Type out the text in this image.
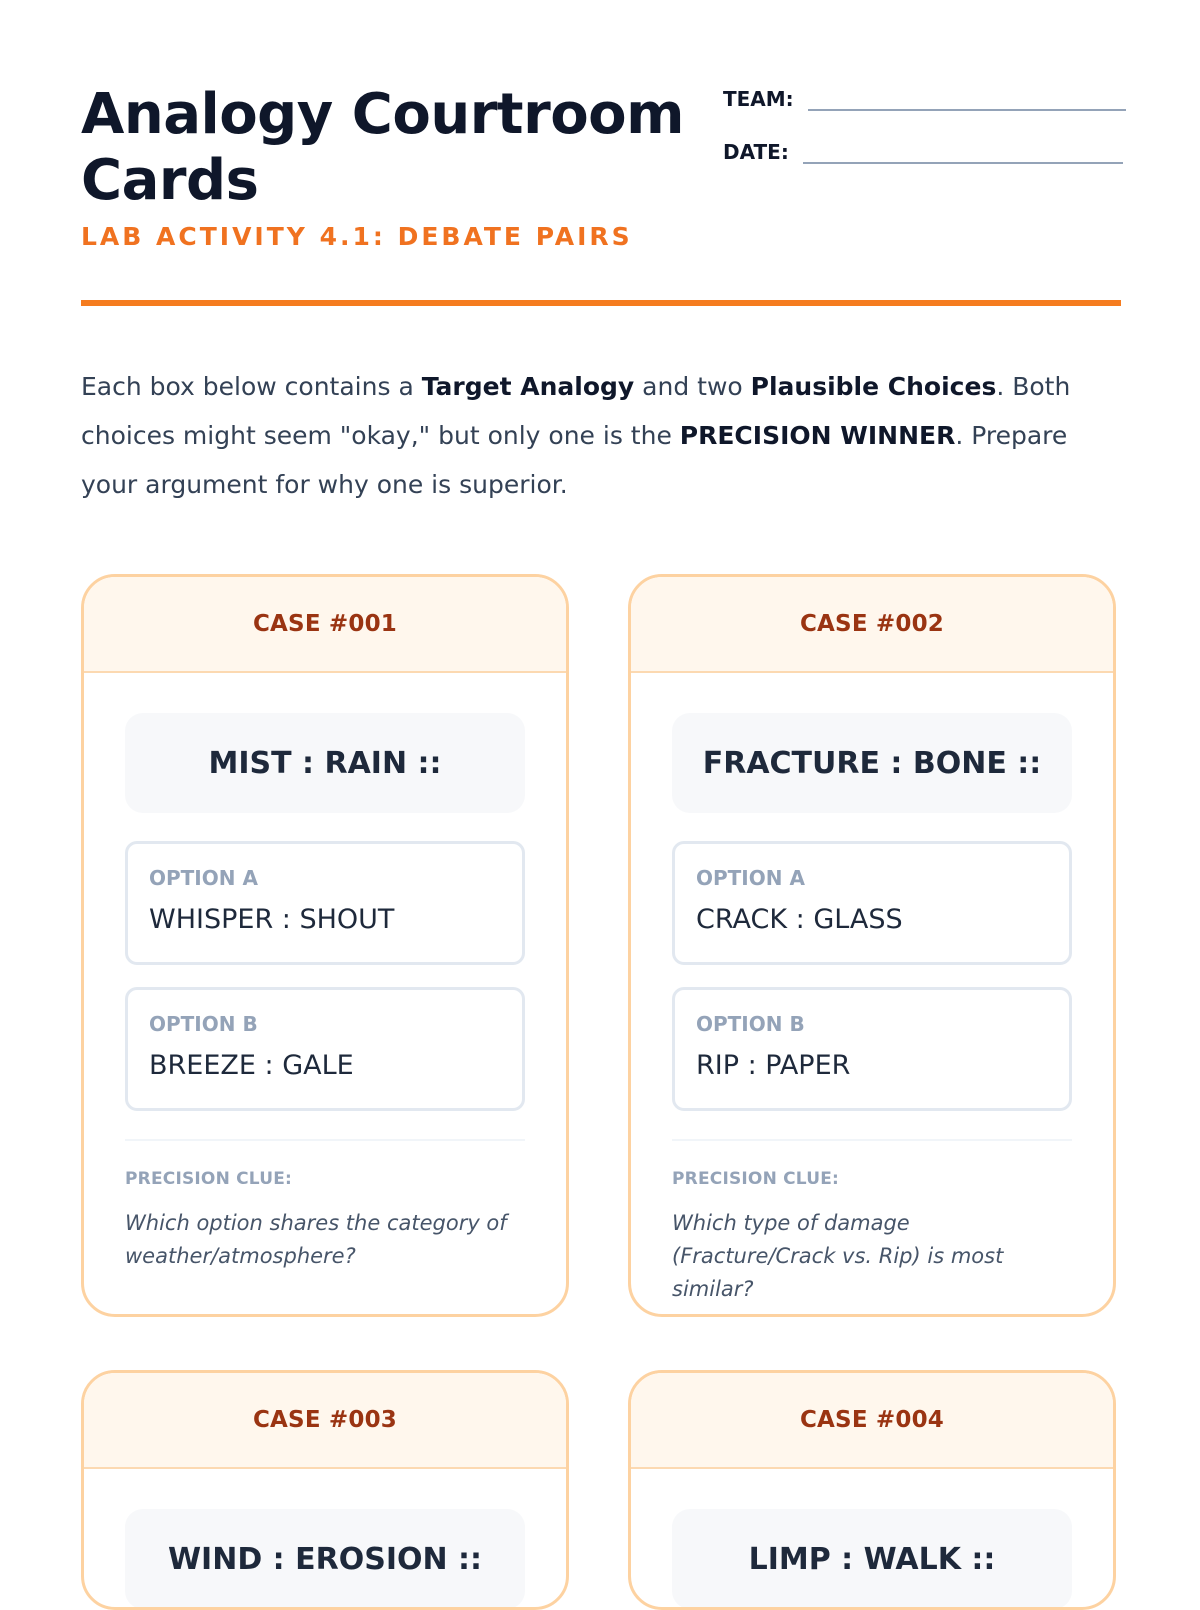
Analogy Courtroom Cards
LAB ACTIVITY 4.1: DEBATE PAIRS
TEAM:
DATE:

Each box below contains a Target Analogy and two Plausible Choices. Both choices might seem "okay," but only one is the PRECISION WINNER. Prepare your argument for why one is superior.

CASE #001
MIST : RAIN ::
OPTION A
WHISPER : SHOUT
OPTION B
BREEZE : GALE
PRECISION CLUE:
Which option shares the category of weather/atmosphere?
CASE #002
FRACTURE : BONE ::
OPTION A
CRACK : GLASS
OPTION B
RIP : PAPER
PRECISION CLUE:
Which type of damage (Fracture/Crack vs. Rip) is most similar?
CASE #003
WIND : EROSION ::
CASE #004
LIMP : WALK ::
